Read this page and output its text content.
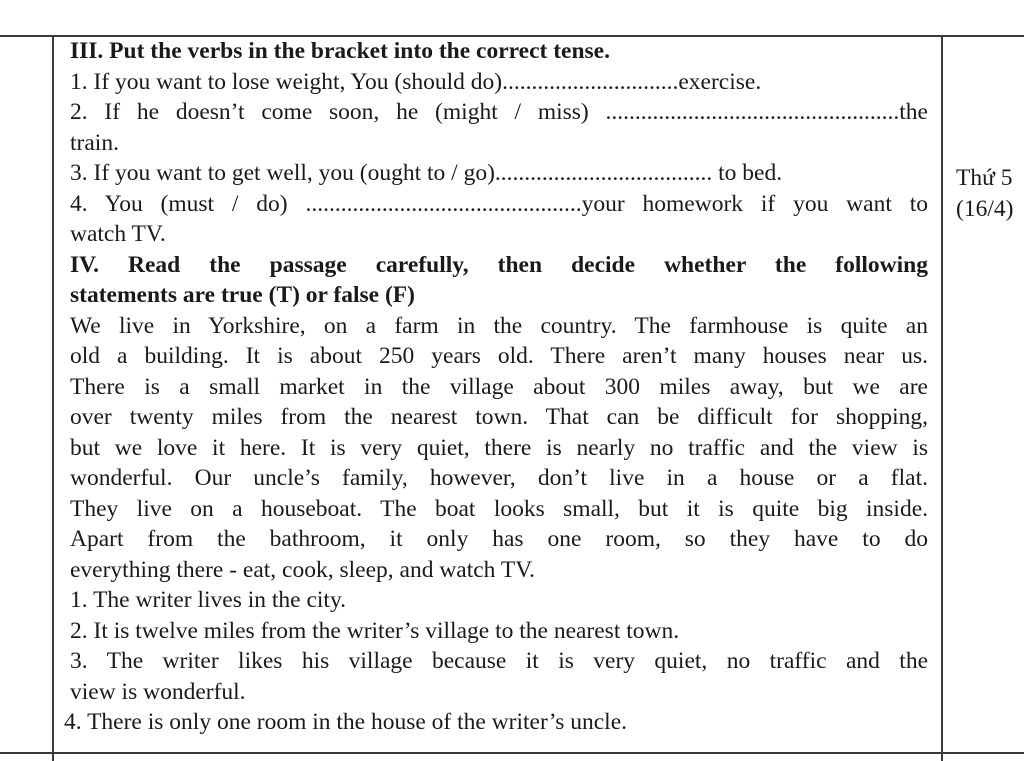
III. Put the verbs in the bracket into the correct tense.

1. If you want to lose weight, You (should do)..............................exercise.

2. If he doesn’t come soon, he (might / miss) ..................................................the

train.

3. If you want to get well, you (ought to / go)..................................... to bed.

4. You (must / do) ...............................................your homework if you want to

watch TV.

IV. Read the passage carefully, then decide whether the following

statements are true (T) or false (F)

We live in Yorkshire, on a farm in the country. The farmhouse is quite an

old a building. It is about 250 years old. There aren’t many houses near us.

There is a small market in the village about 300 miles away, but we are

over twenty miles from the nearest town. That can be difficult for shopping,

but we love it here. It is very quiet, there is nearly no traffic and the view is

wonderful. Our uncle’s family, however, don’t live in a house or a flat.

They live on a houseboat. The boat looks small, but it is quite big inside.

Apart from the bathroom, it only has one room, so they have to do

everything there - eat, cook, sleep, and watch TV.

1. The writer lives in the city.

2. It is twelve miles from the writer’s village to the nearest town.

3. The writer likes his village because it is very quiet, no traffic and the

view is wonderful.

4. There is only one room in the house of the writer’s uncle.

Thứ 5
(16/4)
